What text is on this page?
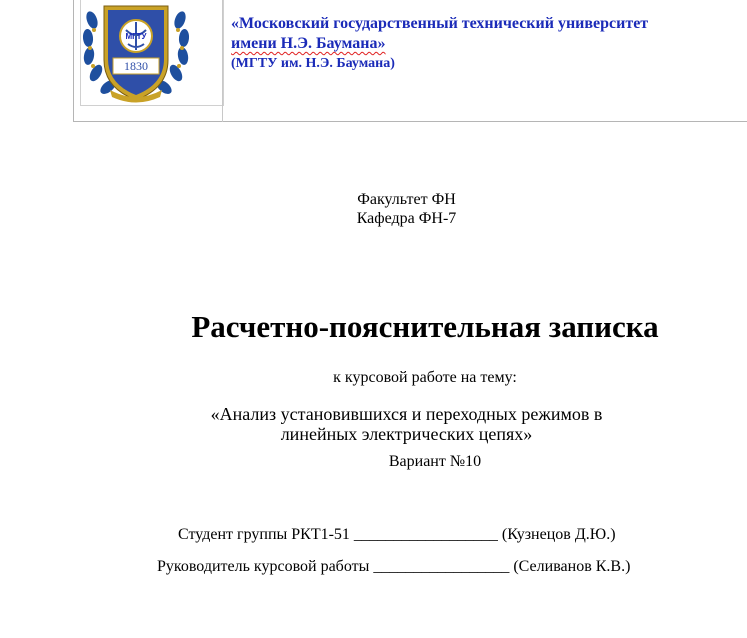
МГТУ
1830
«Московский государственный технический университет
имени Н.Э. Баумана»
(МГТУ им. Н.Э. Баумана)
Факультет ФН
Кафедра ФН-7
Расчетно-пояснительная записка
к курсовой работе на тему:
«Анализ установившихся и переходных режимов в
линейных электрических цепях»
Вариант №10
Студент группы РКТ1-51 __________________ (Кузнецов Д.Ю.)
Руководитель курсовой работы _________________ (Селиванов К.В.)
